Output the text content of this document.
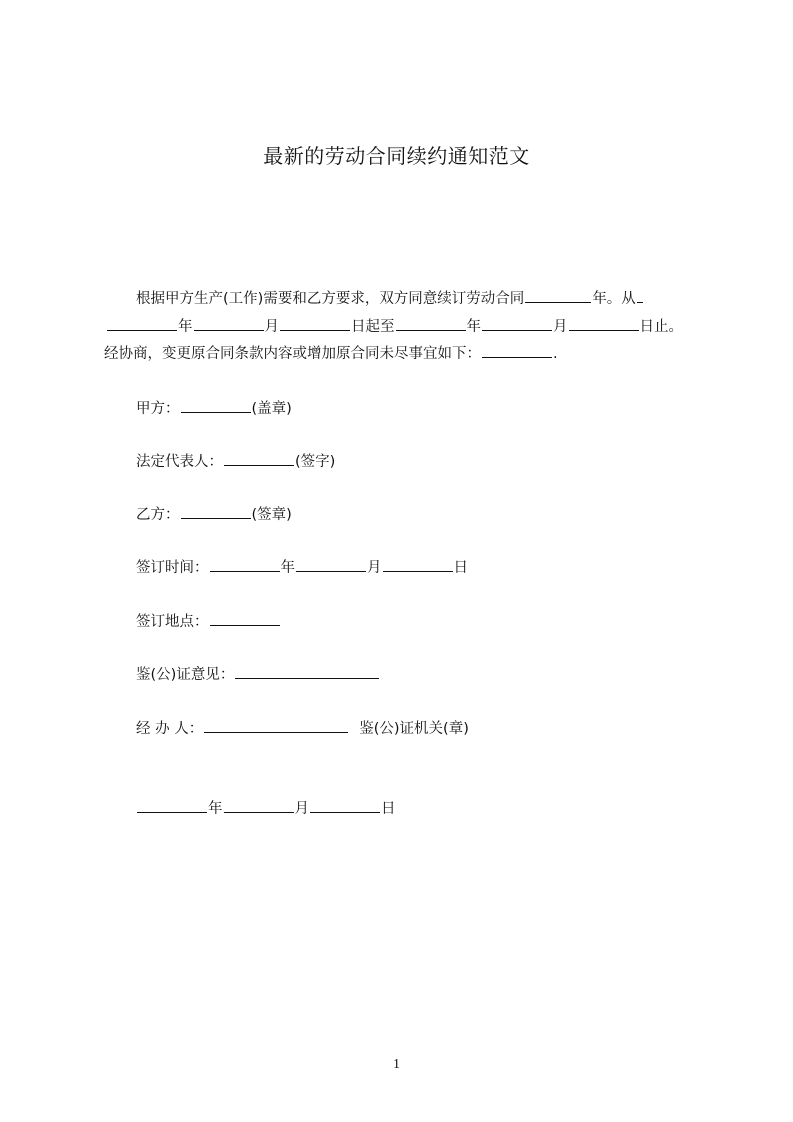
最新的劳动合同续约通知范文
根据甲方生产(工作)需要和乙方要求，双方同意续订劳动合同	年。从
年	月	日起至	年	月	日止。
经协商，变更原合同条款内容或增加原合同未尽事宜如下：	.
甲方：	(盖章)
法定代表人：	(签字)
乙方：	(签章)
签订时间：	年	月	日
签订地点：
鉴(公)证意见：
经 办 人：	鉴(公)证机关(章)
年	月	日
1
